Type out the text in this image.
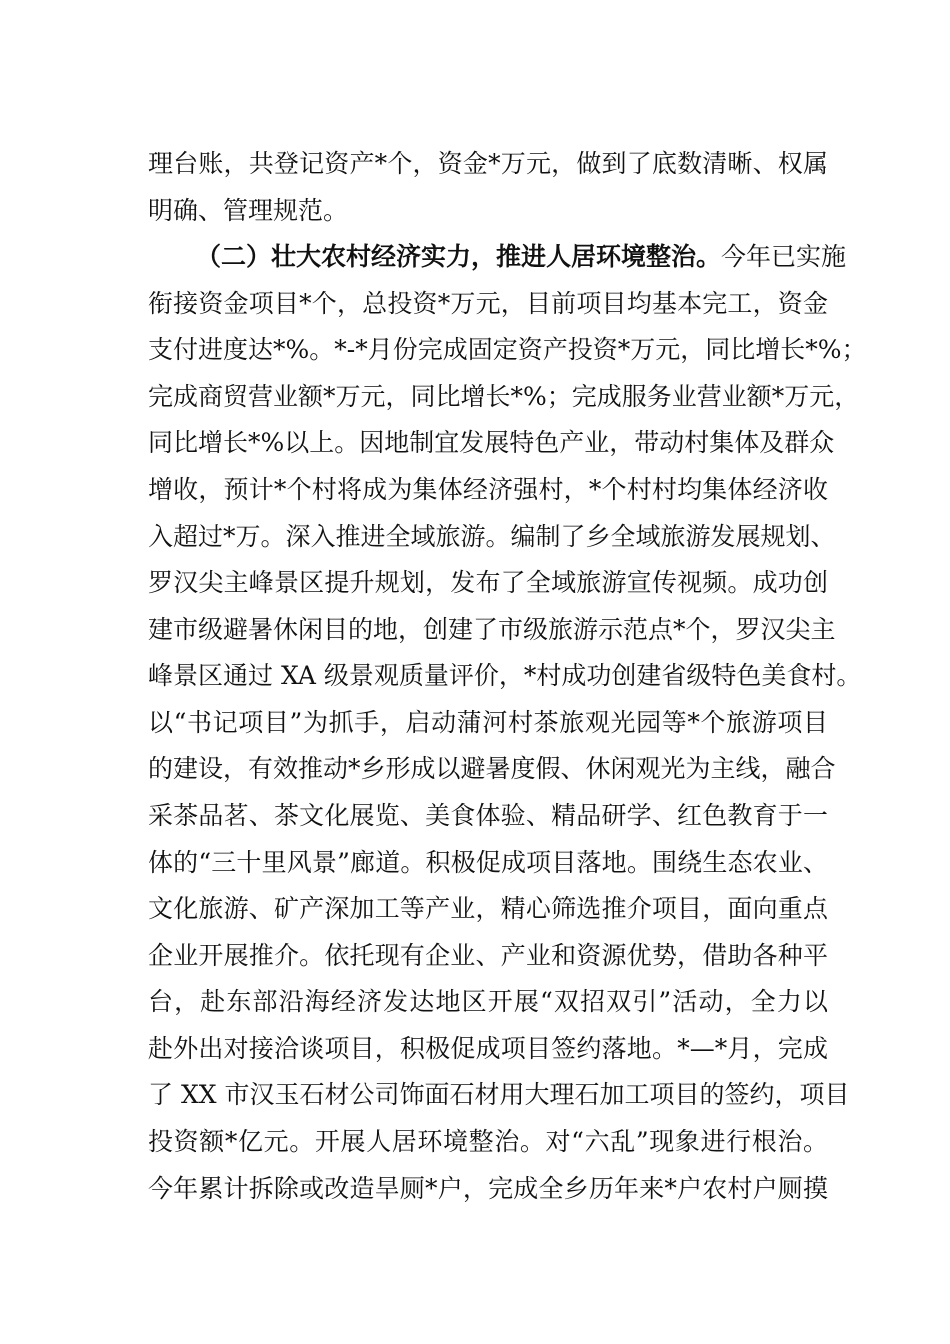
理台账，共登记资产*个，资金*万元，做到了底数清晰、权属
明确、管理规范。
（二）壮大农村经济实力，推进人居环境整治。今年已实施
衔接资金项目*个，总投资*万元，目前项目均基本完工，资金
支付进度达*%。*-*月份完成固定资产投资*万元，同比增长*%；
完成商贸营业额*万元，同比增长*%；完成服务业营业额*万元，
同比增长*%以上。因地制宜发展特色产业，带动村集体及群众
增收，预计*个村将成为集体经济强村，*个村村均集体经济收
入超过*万。深入推进全域旅游。编制了乡全域旅游发展规划、
罗汉尖主峰景区提升规划，发布了全域旅游宣传视频。成功创
建市级避暑休闲目的地，创建了市级旅游示范点*个，罗汉尖主
峰景区通过 XA 级景观质量评价，*村成功创建省级特色美食村。
以“书记项目”为抓手，启动蒲河村茶旅观光园等*个旅游项目
的建设，有效推动*乡形成以避暑度假、休闲观光为主线，融合
采茶品茗、茶文化展览、美食体验、精品研学、红色教育于一
体的“三十里风景”廊道。积极促成项目落地。围绕生态农业、
文化旅游、矿产深加工等产业，精心筛选推介项目，面向重点
企业开展推介。依托现有企业、产业和资源优势，借助各种平
台，赴东部沿海经济发达地区开展“双招双引”活动，全力以
赴外出对接洽谈项目，积极促成项目签约落地。*—*月，完成
了 XX 市汉玉石材公司饰面石材用大理石加工项目的签约，项目
投资额*亿元。开展人居环境整治。对“六乱”现象进行根治。
今年累计拆除或改造旱厕*户，完成全乡历年来*户农村户厕摸
